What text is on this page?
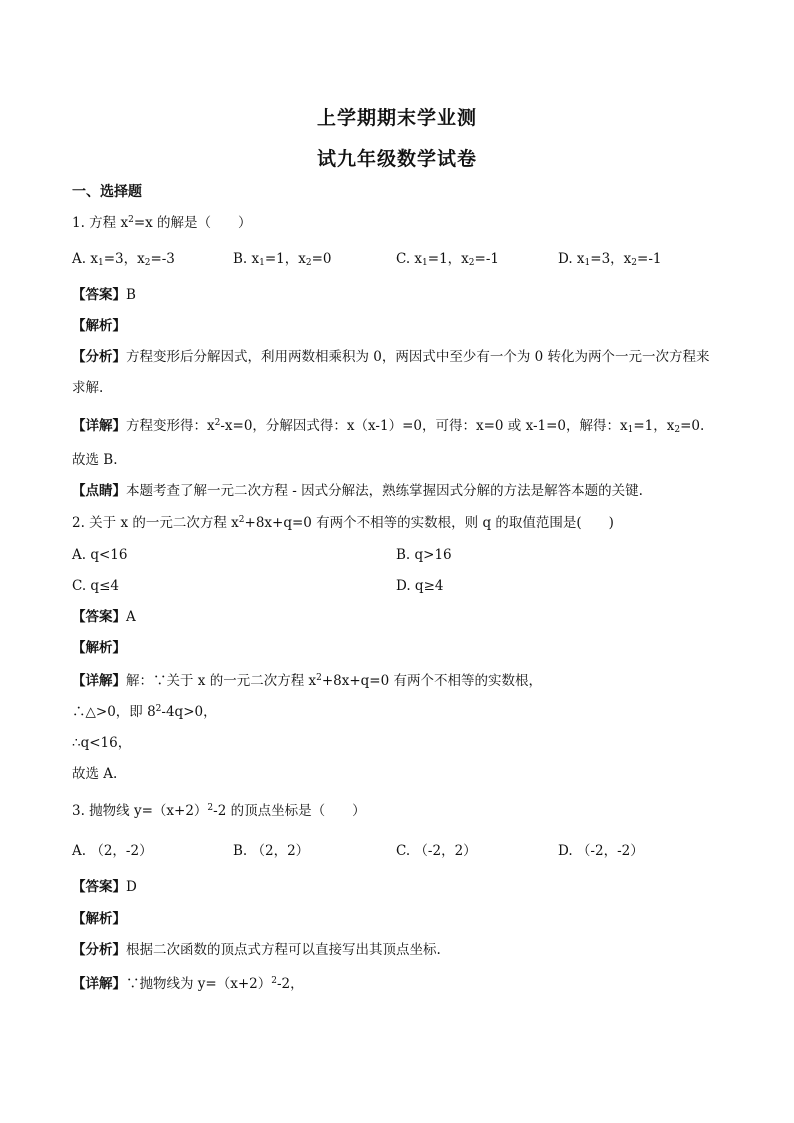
上学期期末学业测
试九年级数学试卷
一、选择题
1. 方程 $x^2=x$ 的解是（　　）
A. $x_1=3$，$x_2=-3$	B. $x_1=1$，$x_2=0$	C. $x_1=1$，$x_2=-1$	D. $x_1=3$，$x_2=-1$
【答案】B
【解析】
【分析】方程变形后分解因式，利用两数相乘积为 0，两因式中至少有一个为 0 转化为两个一元一次方程来
求解.
【详解】方程变形得：$x^2-x=0$，分解因式得：x（x-1）=0，可得：x=0 或 x-1=0，解得：$x_1=1$，$x_2=0$.
故选 B.
【点睛】本题考查了解一元二次方程 - 因式分解法，熟练掌握因式分解的方法是解答本题的关键.
2. 关于 x 的一元二次方程 $x^2+8x+q=0$ 有两个不相等的实数根，则 q 的取值范围是(　　)
A. q<16	B. q>16
C. q≤4	D. q≥4
【答案】A
【解析】
【详解】解：∵关于 x 的一元二次方程 $x^2+8x+q=0$ 有两个不相等的实数根，
∴△>0，即 $8^2-4q>0$，
∴q<16，
故选 A.
3. 抛物线 $y=(x+2)^2-2$ 的顶点坐标是（　　）
A. （2，-2）	B. （2，2）	C. （-2，2）	D. （-2，-2）
【答案】D
【解析】
【分析】根据二次函数的顶点式方程可以直接写出其顶点坐标.
【详解】∵抛物线为 $y=(x+2)^2-2$，
